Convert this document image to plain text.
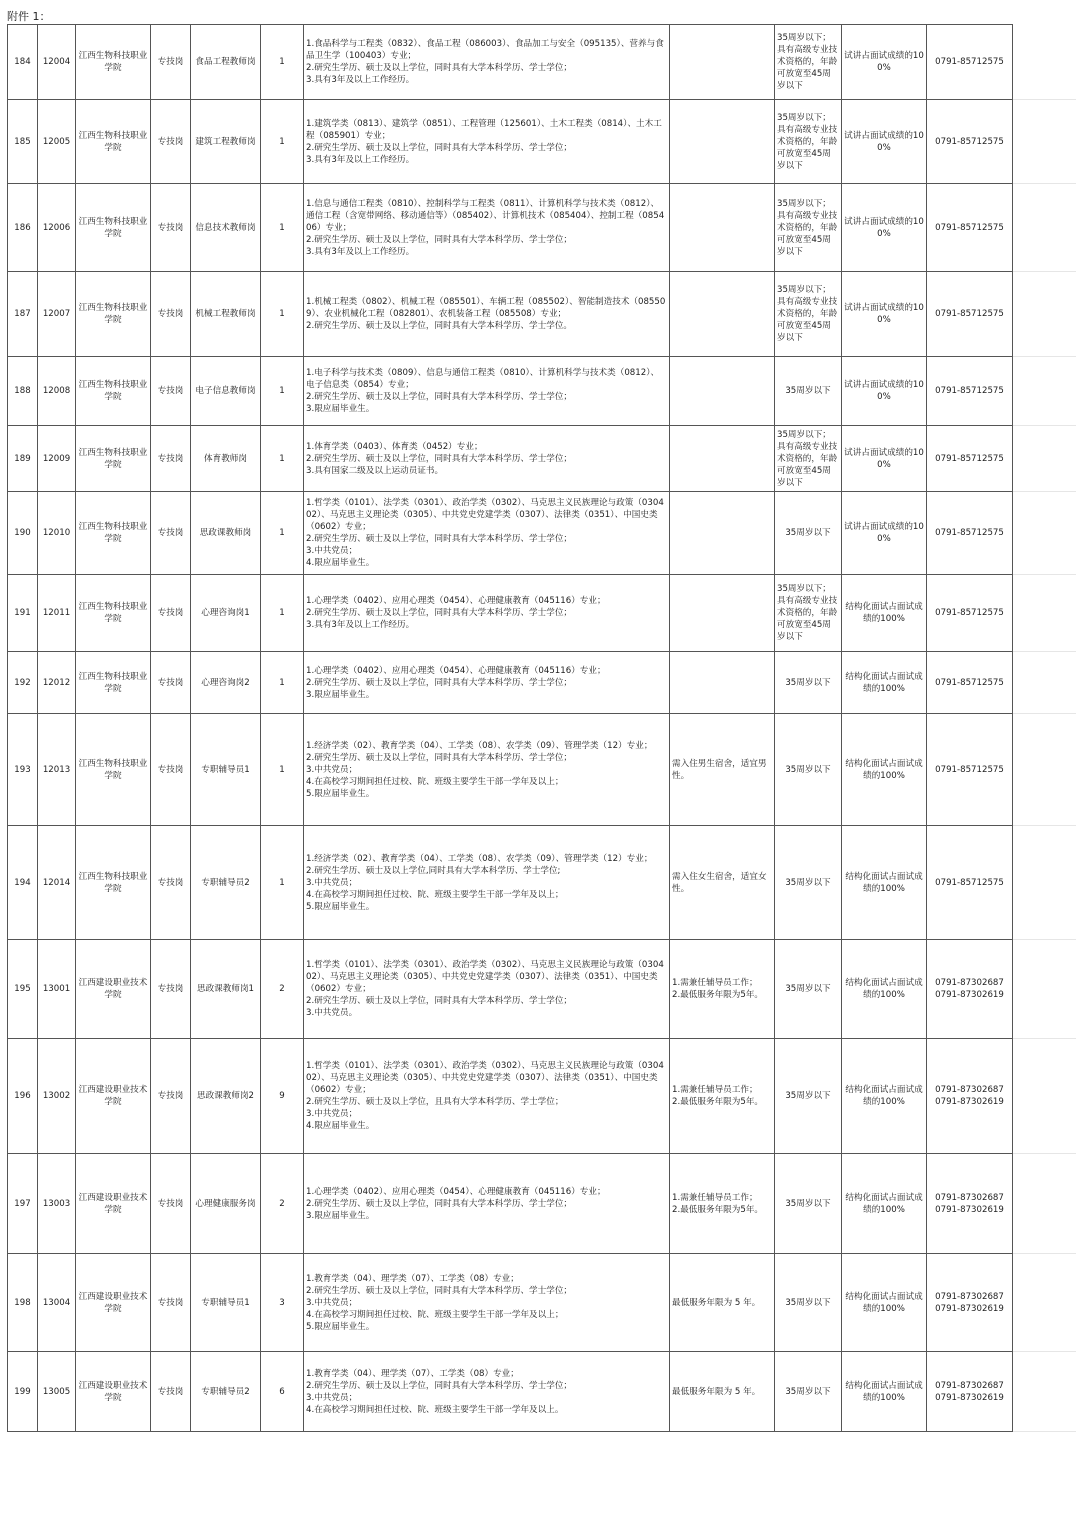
附件 1：
184	12004	江西生物科技职业学院	专技岗	食品工程教师岗	1	1.食品科学与工程类（0832）、食品工程（086003）、食品加工与安全（095135）、营养与食品卫生学（100403）专业；
2.研究生学历、硕士及以上学位，同时具有大学本科学历、学士学位；
3.具有3年及以上工作经历。		35周岁以下；具有高级专业技术资格的，年龄可放宽至45周岁以下	试讲占面试成绩的100%	0791-85712575	

185	12005	江西生物科技职业学院	专技岗	建筑工程教师岗	1	1.建筑学类（0813）、建筑学（0851）、工程管理（125601）、土木工程类（0814）、土木工程（085901）专业；
2.研究生学历、硕士及以上学位，同时具有大学本科学历、学士学位；
3.具有3年及以上工作经历。		35周岁以下；具有高级专业技术资格的，年龄可放宽至45周岁以下	试讲占面试成绩的100%	0791-85712575	

186	12006	江西生物科技职业学院	专技岗	信息技术教师岗	1	1.信息与通信工程类（0810）、控制科学与工程类（0811）、计算机科学与技术类（0812）、通信工程（含宽带网络、移动通信等）（085402）、计算机技术（085404）、控制工程（085406）专业；
2.研究生学历、硕士及以上学位，同时具有大学本科学历、学士学位；
3.具有3年及以上工作经历。		35周岁以下；具有高级专业技术资格的，年龄可放宽至45周岁以下	试讲占面试成绩的100%	0791-85712575	

187	12007	江西生物科技职业学院	专技岗	机械工程教师岗	1	1.机械工程类（0802）、机械工程（085501）、车辆工程（085502）、智能制造技术（085509）、农业机械化工程（082801）、农机装备工程（085508）专业；
2.研究生学历、硕士及以上学位，同时具有大学本科学历、学士学位。		35周岁以下；具有高级专业技术资格的，年龄可放宽至45周岁以下	试讲占面试成绩的100%	0791-85712575	

188	12008	江西生物科技职业学院	专技岗	电子信息教师岗	1	1.电子科学与技术类（0809）、信息与通信工程类（0810）、计算机科学与技术类（0812）、电子信息类（0854）专业；
2.研究生学历、硕士及以上学位，同时具有大学本科学历、学士学位；
3.限应届毕业生。		35周岁以下	试讲占面试成绩的100%	0791-85712575	

189	12009	江西生物科技职业学院	专技岗	体育教师岗	1	1.体育学类（0403）、体育类（0452）专业；
2.研究生学历、硕士及以上学位，同时具有大学本科学历、学士学位；
3.具有国家二级及以上运动员证书。		35周岁以下；具有高级专业技术资格的，年龄可放宽至45周岁以下	试讲占面试成绩的100%	0791-85712575	

190	12010	江西生物科技职业学院	专技岗	思政课教师岗	1	1.哲学类（0101）、法学类（0301）、政治学类（0302）、马克思主义民族理论与政策（030402）、马克思主义理论类（0305）、中共党史党建学类（0307）、法律类（0351）、中国史类（0602）专业；
2.研究生学历、硕士及以上学位，同时具有大学本科学历、学士学位；
3.中共党员；
4.限应届毕业生。		35周岁以下	试讲占面试成绩的100%	0791-85712575	

191	12011	江西生物科技职业学院	专技岗	心理咨询岗1	1	1.心理学类（0402）、应用心理类（0454）、心理健康教育（045116）专业；
2.研究生学历、硕士及以上学位，同时具有大学本科学历、学士学位；
3.具有3年及以上工作经历。		35周岁以下；具有高级专业技术资格的，年龄可放宽至45周岁以下	结构化面试占面试成绩的100%	0791-85712575	

192	12012	江西生物科技职业学院	专技岗	心理咨询岗2	1	1.心理学类（0402）、应用心理类（0454）、心理健康教育（045116）专业；
2.研究生学历、硕士及以上学位，同时具有大学本科学历、学士学位；
3.限应届毕业生。		35周岁以下	结构化面试占面试成绩的100%	0791-85712575	

193	12013	江西生物科技职业学院	专技岗	专职辅导员1	1	1.经济学类（02）、教育学类（04）、工学类（08）、农学类（09）、管理学类（12）专业；
2.研究生学历、硕士及以上学位，同时具有大学本科学历、学士学位；
3.中共党员；
4.在高校学习期间担任过校、院、班级主要学生干部一学年及以上；
5.限应届毕业生。	需入住男生宿舍，适宜男性。	35周岁以下	结构化面试占面试成绩的100%	0791-85712575	

194	12014	江西生物科技职业学院	专技岗	专职辅导员2	1	1.经济学类（02）、教育学类（04）、工学类（08）、农学类（09）、管理学类（12）专业；
2.研究生学历、硕士及以上学位,同时具有大学本科学历、学士学位;
3.中共党员；
4.在高校学习期间担任过校、院、班级主要学生干部一学年及以上；
5.限应届毕业生。	需入住女生宿舍，适宜女性。	35周岁以下	结构化面试占面试成绩的100%	0791-85712575	

195	13001	江西建设职业技术学院	专技岗	思政课教师岗1	2	1.哲学类（0101）、法学类（0301）、政治学类（0302）、马克思主义民族理论与政策（030402）、马克思主义理论类（0305）、中共党史党建学类（0307）、法律类（0351）、中国史类（0602）专业；
2.研究生学历、硕士及以上学位，同时具有大学本科学历、学士学位；
3.中共党员。	1.需兼任辅导员工作；
2.最低服务年限为5年。	35周岁以下	结构化面试占面试成绩的100%	0791-87302687
0791-87302619	

196	13002	江西建设职业技术学院	专技岗	思政课教师岗2	9	1.哲学类（0101）、法学类（0301）、政治学类（0302）、马克思主义民族理论与政策（030402）、马克思主义理论类（0305）、中共党史党建学类（0307）、法律类（0351）、中国史类（0602）专业；
2.研究生学历、硕士及以上学位，且具有大学本科学历、学士学位；
3.中共党员；
4.限应届毕业生。	1.需兼任辅导员工作；
2.最低服务年限为5年。	35周岁以下	结构化面试占面试成绩的100%	0791-87302687
0791-87302619	

197	13003	江西建设职业技术学院	专技岗	心理健康服务岗	2	1.心理学类（0402）、应用心理类（0454）、心理健康教育（045116）专业；
2.研究生学历、硕士及以上学位，同时具有大学本科学历、学士学位；
3.限应届毕业生。	1.需兼任辅导员工作；
2.最低服务年限为5年。	35周岁以下	结构化面试占面试成绩的100%	0791-87302687
0791-87302619	

198	13004	江西建设职业技术学院	专技岗	专职辅导员1	3	1.教育学类（04）、理学类（07）、工学类（08）专业；
2.研究生学历、硕士及以上学位，同时具有大学本科学历、学士学位；
3.中共党员；
4.在高校学习期间担任过校、院、班级主要学生干部一学年及以上；
5.限应届毕业生。	最低服务年限为 5 年。	35周岁以下	结构化面试占面试成绩的100%	0791-87302687
0791-87302619	

199	13005	江西建设职业技术学院	专技岗	专职辅导员2	6	1.教育学类（04）、理学类（07）、工学类（08）专业；
2.研究生学历、硕士及以上学位，同时具有大学本科学历、学士学位；
3.中共党员；
4.在高校学习期间担任过校、院、班级主要学生干部一学年及以上。	最低服务年限为 5 年。	35周岁以下	结构化面试占面试成绩的100%	0791-87302687
0791-87302619	
